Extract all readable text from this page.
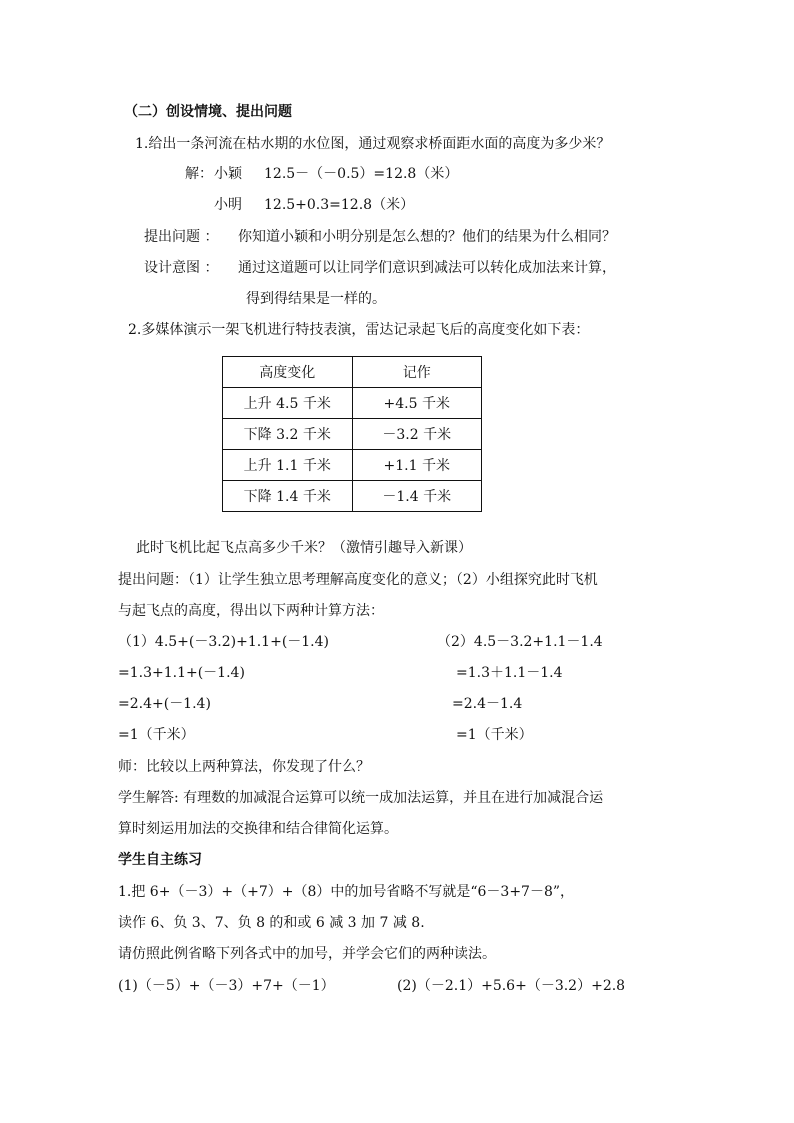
（二）创设情境、提出问题
1.给出一条河流在枯水期的水位图，通过观察求桥面距水面的高度为多少米？
解： 小颖 12.5－（－0.5）=12.8（米）
小明 12.5+0.3=12.8（米）
提出问题 ： 你知道小颖和小明分别是怎么想的？他们的结果为什么相同？
设计意图 ： 通过这道题可以让同学们意识到减法可以转化成加法来计算，
得到得结果是一样的。
2.多媒体演示一架飞机进行特技表演，雷达记录起飞后的高度变化如下表：
高度变化	记作
上升 4.5 千米	+4.5 千米
下降 3.2 千米	－3.2 千米
上升 1.1 千米	+1.1 千米
下降 1.4 千米	－1.4 千米
此时飞机比起飞点高多少千米？（激情引趣导入新课）
提出问题：（1）让学生独立思考理解高度变化的意义；（2）小组探究此时飞机
与起飞点的高度，得出以下两种计算方法：
（1）4.5+(－3.2)+1.1+(－1.4)
=1.3+1.1+(－1.4)
=2.4+(－1.4)
=1（千米）
（2）4.5－3.2+1.1－1.4
=1.3＋1.1－1.4
=2.4－1.4
=1（千米）
师：比较以上两种算法，你发现了什么？
学生解答: 有理数的加减混合运算可以统一成加法运算，并且在进行加减混合运
算时刻运用加法的交换律和结合律简化运算。
学生自主练习
1.把 6+（－3）+（+7）+（8）中的加号省略不写就是“6－3+7－8”，
读作 6、负 3、7、负 8 的和或 6 减 3 加 7 减 8.
请仿照此例省略下列各式中的加号，并学会它们的两种读法。
(1)（－5）+（－3）+7+（－1）	(2)（－2.1）+5.6+（－3.2）+2.8
